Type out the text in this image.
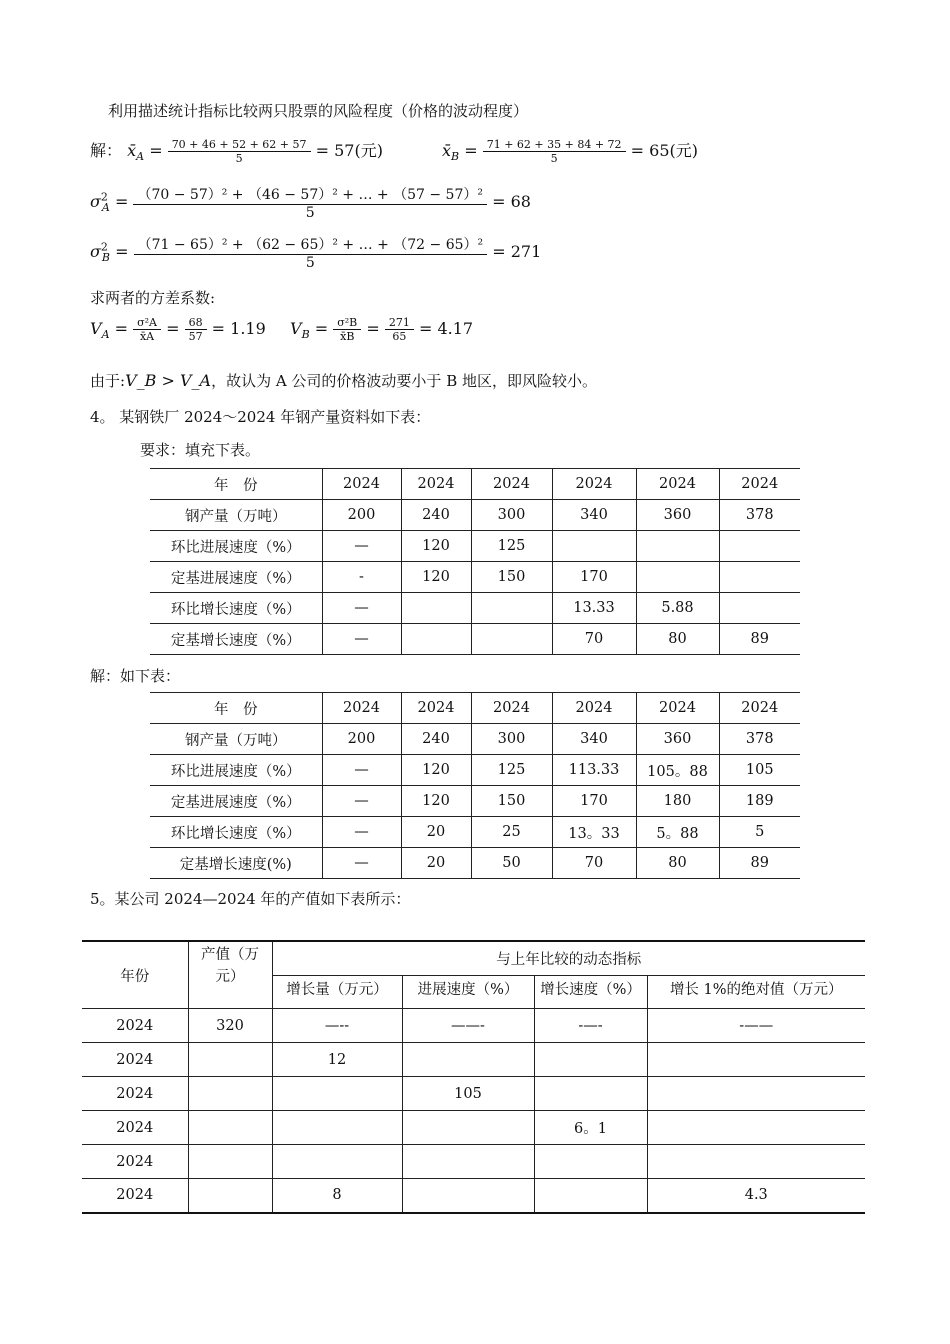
利用描述统计指标比较两只股票的风险程度（价格的波动程度）
解： $x̄_A = \frac{70 + 46 + 52 + 62 + 57}{5} = 57$(元)	$x̄_B = \frac{71 + 62 + 35 + 84 + 72}{5} = 65$(元)
$\sigma^2_A = \frac{\text{（70 − 57）² + （46 − 57）² + … + （57 − 57）²}}{5} = 68$
$\sigma^2_B = \frac{\text{（71 − 65）² + （62 − 65）² + … + （72 − 65）²}}{5} = 271$
求两者的方差系数:
$V_A = \frac{\text{σ²A}}{x̄A} = \frac{68}{57} = 1.19$ $V_B = \frac{\text{σ²B}}{x̄B} = \frac{271}{65} = 4.17$
由于:V_B > V_A，故认为 A 公司的价格波动要小于 B 地区，即风险较小。
4。 某钢铁厂 2024～2024 年钢产量资料如下表：
要求：填充下表。
年　份	2024	2024	2024	2024	2024	2024
钢产量（万吨）	200	240	300	340	360	378
环比进展速度（%）	—	120	125			
定基进展速度（%）	-	120	150	170		
环比增长速度（%）	—			13.33	5.88	
定基增长速度（%）	—			70	80	89
解：如下表：
年　份	2024	2024	2024	2024	2024	2024
钢产量（万吨）	200	240	300	340	360	378
环比进展速度（%）	—	120	125	113.33	105。88	105
定基进展速度（%）	—	120	150	170	180	189
环比增长速度（%）	—	20	25	13。33	5。88	5
定基增长速度(%)	—	20	50	70	80	89
5。某公司 2024—2024 年的产值如下表所示：
年份	产值（万元）	与上年比较的动态指标			

		增长量（万元）	进展速度（%）	增长速度（%）	增长 1%的绝对值（万元）

2024	320	—--	——-	-—-	-——
2024		12			
2024			105		
2024				6。1	
2024					
2024		8			4.3
